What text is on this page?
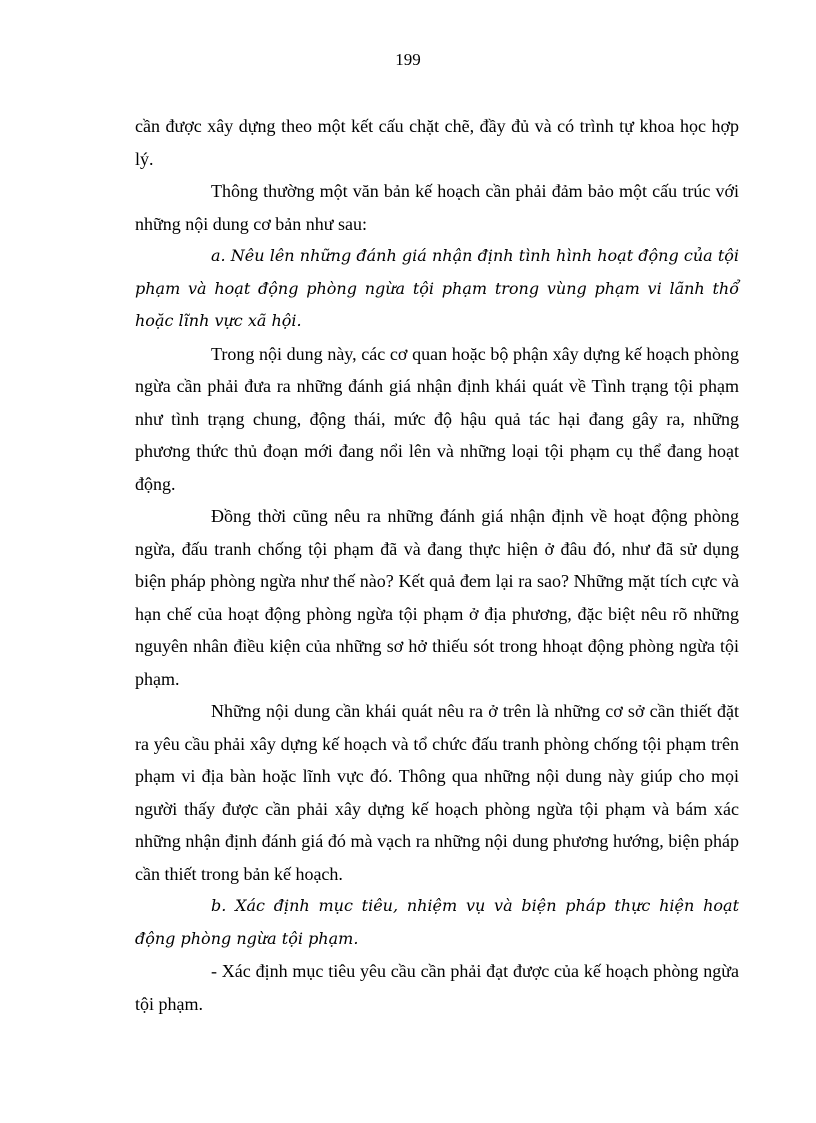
199

cần được xây dựng theo một kết cấu chặt chẽ, đầy đủ và có trình tự khoa học hợp lý.

Thông thường một văn bản kế hoạch cần phải đảm bảo một cấu trúc với những nội dung cơ bản như sau:

a. Nêu lên những đánh giá nhận định tình hình hoạt động của tội phạm và hoạt động phòng ngừa tội phạm trong vùng phạm vi lãnh thổ hoặc lĩnh vực xã hội.

Trong nội dung này, các cơ quan hoặc bộ phận xây dựng kế hoạch phòng ngừa cần phải đưa ra những đánh giá nhận định khái quát về Tình trạng tội phạm như tình trạng chung, động thái, mức độ hậu quả tác hại đang gây ra, những phương thức thủ đoạn mới đang nổi lên và những loại tội phạm cụ thể đang hoạt động.

Đồng thời cũng nêu ra những đánh giá nhận định về hoạt động phòng ngừa, đấu tranh chống tội phạm đã và đang thực hiện ở đâu đó, như đã sử dụng biện pháp phòng ngừa như thế nào? Kết quả đem lại ra sao? Những mặt tích cực và hạn chế của hoạt động phòng ngừa tội phạm ở địa phương, đặc biệt nêu rõ những nguyên nhân điều kiện của những sơ hở thiếu sót trong hhoạt động phòng ngừa tội phạm.

Những nội dung cần khái quát nêu ra ở trên là những cơ sở cần thiết đặt ra yêu cầu phải xây dựng kế hoạch và tổ chức đấu tranh phòng chống tội phạm trên phạm vi địa bàn hoặc lĩnh vực đó. Thông qua những nội dung này giúp cho mọi người thấy được cần phải xây dựng kế hoạch phòng ngừa tội phạm và bám xác những nhận định đánh giá đó mà vạch ra những nội dung phương hướng, biện pháp cần thiết trong bản kế hoạch.

b. Xác định mục tiêu, nhiệm vụ và biện pháp thực hiện hoạt động phòng ngừa tội phạm.

- Xác định mục tiêu yêu cầu cần phải đạt được của kế hoạch phòng ngừa tội phạm.
